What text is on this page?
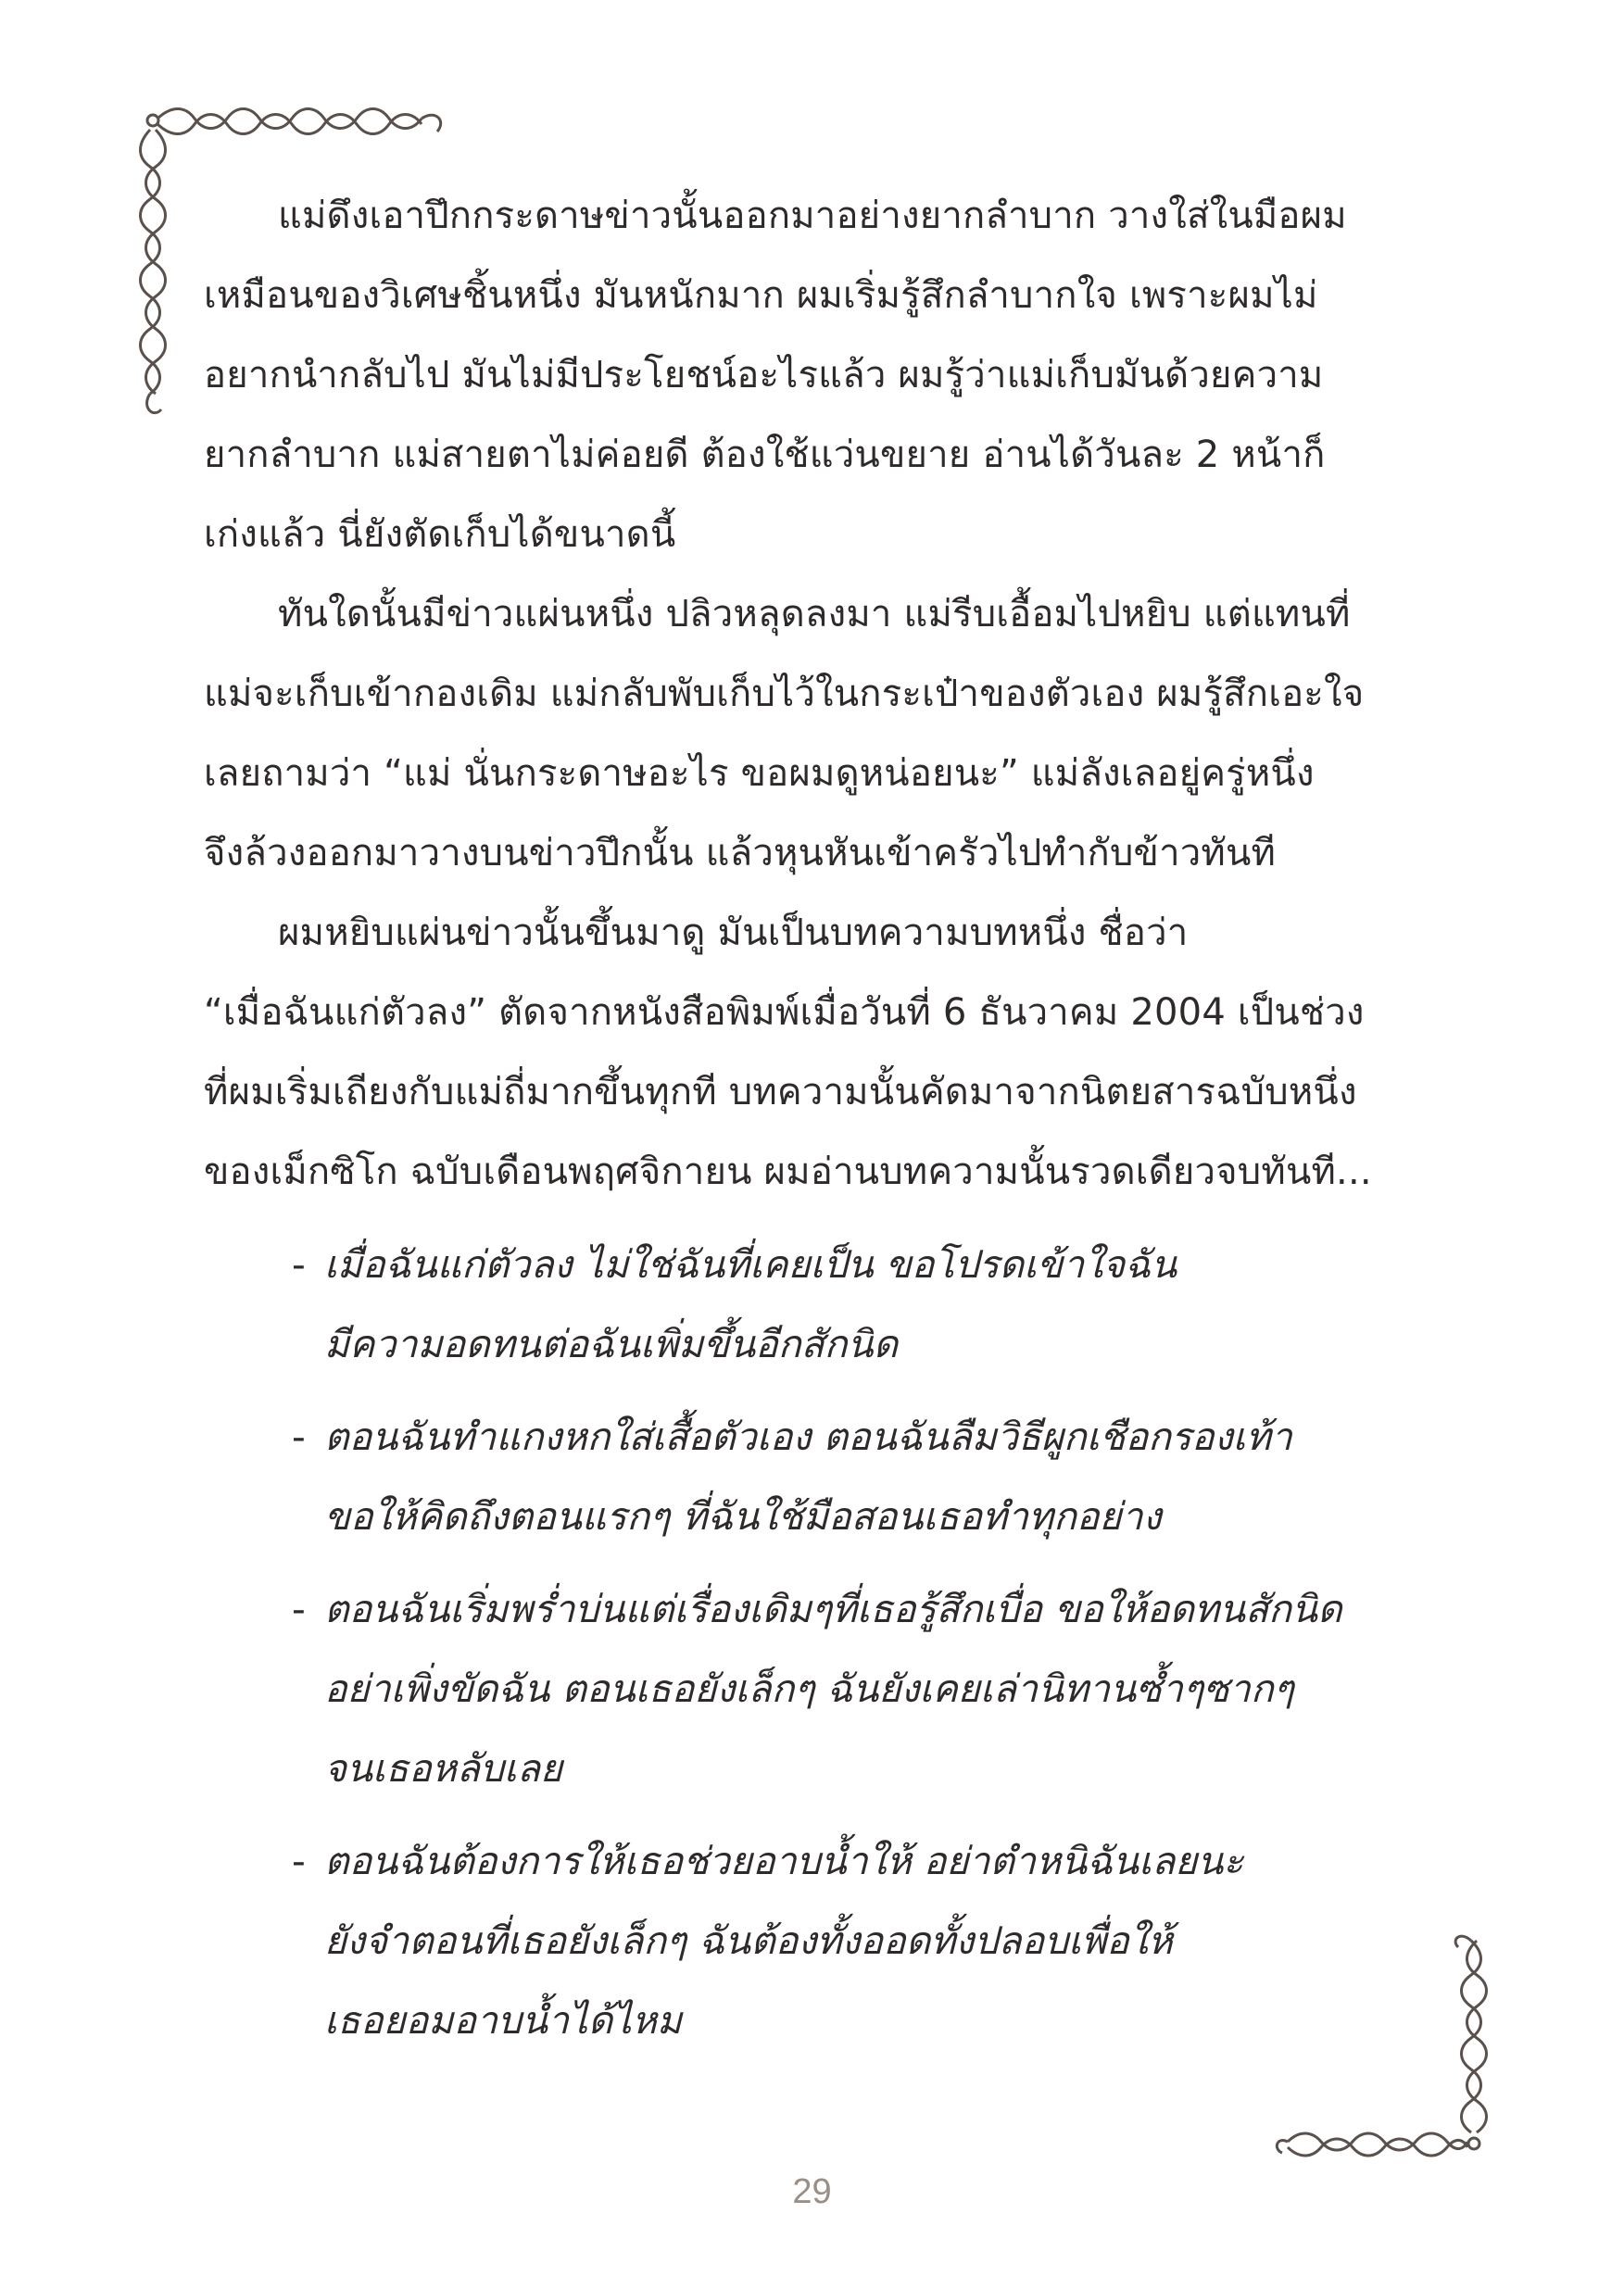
แม่ดึงเอาปึกกระดาษข่าวนั้นออกมาอย่างยากลำบาก วางใส่ในมือผม
เหมือนของวิเศษชิ้นหนึ่ง มันหนักมาก ผมเริ่มรู้สึกลำบากใจ เพราะผมไม่
อยากนำกลับไป มันไม่มีประโยชน์อะไรแล้ว ผมรู้ว่าแม่เก็บมันด้วยความ
ยากลำบาก แม่สายตาไม่ค่อยดี ต้องใช้แว่นขยาย อ่านได้วันละ 2 หน้าก็
เก่งแล้ว นี่ยังตัดเก็บได้ขนาดนี้

ทันใดนั้นมีข่าวแผ่นหนึ่ง ปลิวหลุดลงมา แม่รีบเอื้อมไปหยิบ แต่แทนที่
แม่จะเก็บเข้ากองเดิม แม่กลับพับเก็บไว้ในกระเป๋าของตัวเอง ผมรู้สึกเอะใจ
เลยถามว่า “แม่ นั่นกระดาษอะไร ขอผมดูหน่อยนะ” แม่ลังเลอยู่ครู่หนึ่ง
จึงล้วงออกมาวางบนข่าวปึกนั้น แล้วหุนหันเข้าครัวไปทำกับข้าวทันที

ผมหยิบแผ่นข่าวนั้นขึ้นมาดู มันเป็นบทความบทหนึ่ง ชื่อว่า
“เมื่อฉันแก่ตัวลง” ตัดจากหนังสือพิมพ์เมื่อวันที่ 6 ธันวาคม 2004 เป็นช่วง
ที่ผมเริ่มเถียงกับแม่ถี่มากขึ้นทุกที บทความนั้นคัดมาจากนิตยสารฉบับหนึ่ง
ของเม็กซิโก ฉบับเดือนพฤศจิกายน ผมอ่านบทความนั้นรวดเดียวจบทันที...

- เมื่อฉันแก่ตัวลง ไม่ใช่ฉันที่เคยเป็น ขอโปรดเข้าใจฉัน
มีความอดทนต่อฉันเพิ่มขึ้นอีกสักนิด
- ตอนฉันทำแกงหกใส่เสื้อตัวเอง ตอนฉันลืมวิธีผูกเชือกรองเท้า
ขอให้คิดถึงตอนแรกๆ ที่ฉันใช้มือสอนเธอทำทุกอย่าง
- ตอนฉันเริ่มพร่ำบ่นแต่เรื่องเดิมๆที่เธอรู้สึกเบื่อ ขอให้อดทนสักนิด
อย่าเพิ่งขัดฉัน ตอนเธอยังเล็กๆ ฉันยังเคยเล่านิทานซ้ำๆซากๆ
จนเธอหลับเลย
- ตอนฉันต้องการให้เธอช่วยอาบน้ำให้ อย่าตำหนิฉันเลยนะ
ยังจำตอนที่เธอยังเล็กๆ ฉันต้องทั้งออดทั้งปลอบเพื่อให้
เธอยอมอาบน้ำได้ไหม
29
